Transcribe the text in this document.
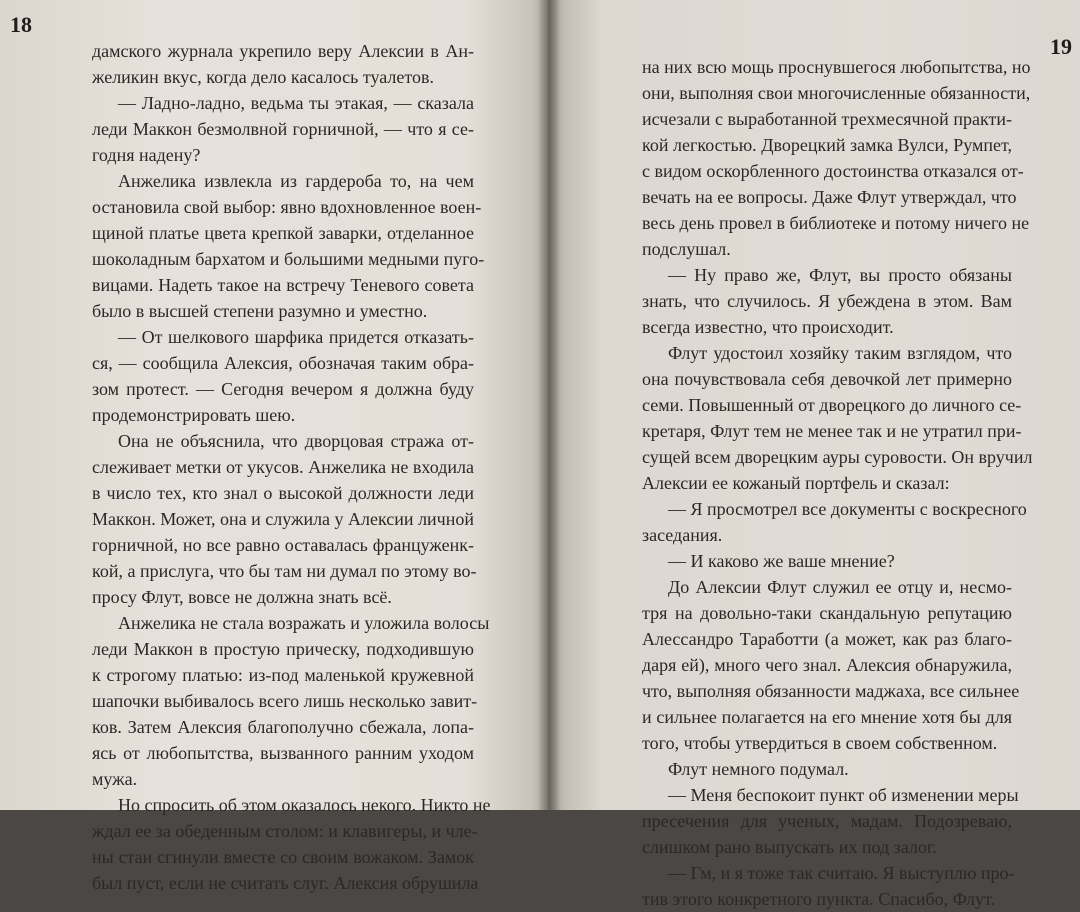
18
дамского журнала укрепило веру Алексии в Ан-
желикин вкус, когда дело касалось туалетов.
— Ладно-ладно, ведьма ты этакая, — сказала
леди Маккон безмолвной горничной, — что я се-
годня надену?
Анжелика извлекла из гардероба то, на чем
остановила свой выбор: явно вдохновленное воен-
щиной платье цвета крепкой заварки, отделанное
шоколадным бархатом и большими медными пуго-
вицами. Надеть такое на встречу Теневого совета
было в высшей степени разумно и уместно.
— От шелкового шарфика придется отказать-
ся, — сообщила Алексия, обозначая таким обра-
зом протест. — Сегодня вечером я должна буду
продемонстрировать шею.
Она не объяснила, что дворцовая стража от-
слеживает метки от укусов. Анжелика не входила
в число тех, кто знал о высокой должности леди
Маккон. Может, она и служила у Алексии личной
горничной, но все равно оставалась француженк-
кой, а прислуга, что бы там ни думал по этому во-
просу Флут, вовсе не должна знать всё.
Анжелика не стала возражать и уложила волосы
леди Маккон в простую прическу, подходившую
к строгому платью: из-под маленькой кружевной
шапочки выбивалось всего лишь несколько завит-
ков. Затем Алексия благополучно сбежала, лопа-
ясь от любопытства, вызванного ранним уходом
мужа.
Но спросить об этом оказалось некого. Никто не
ждал ее за обеденным столом: и клавигеры, и чле-
ны стаи сгинули вместе со своим вожаком. Замок
был пуст, если не считать слуг. Алексия обрушила
на них всю мощь проснувшегося любопытства, но
они, выполняя свои многочисленные обязанности,
исчезали с выработанной трехмесячной практи-
кой легкостью. Дворецкий замка Вулси, Румпет,
с видом оскорбленного достоинства отказался от-
вечать на ее вопросы. Даже Флут утверждал, что
весь день провел в библиотеке и потому ничего не
подслушал.
— Ну право же, Флут, вы просто обязаны
знать, что случилось. Я убеждена в этом. Вам
всегда известно, что происходит.
Флут удостоил хозяйку таким взглядом, что
она почувствовала себя девочкой лет примерно
семи. Повышенный от дворецкого до личного се-
кретаря, Флут тем не менее так и не утратил при-
сущей всем дворецким ауры суровости. Он вручил
Алексии ее кожаный портфель и сказал:
— Я просмотрел все документы с воскресного
заседания.
— И каково же ваше мнение?
До Алексии Флут служил ее отцу и, несмо-
тря на довольно-таки скандальную репутацию
Алессандро Таработти (а может, как раз благо-
даря ей), много чего знал. Алексия обнаружила,
что, выполняя обязанности маджаха, все сильнее
и сильнее полагается на его мнение хотя бы для
того, чтобы утвердиться в своем собственном.
Флут немного подумал.
— Меня беспокоит пункт об изменении меры
пресечения для ученых, мадам. Подозреваю,
слишком рано выпускать их под залог.
— Гм, и я тоже так считаю. Я выступлю про-
тив этого конкретного пункта. Спасибо, Флут.
19
